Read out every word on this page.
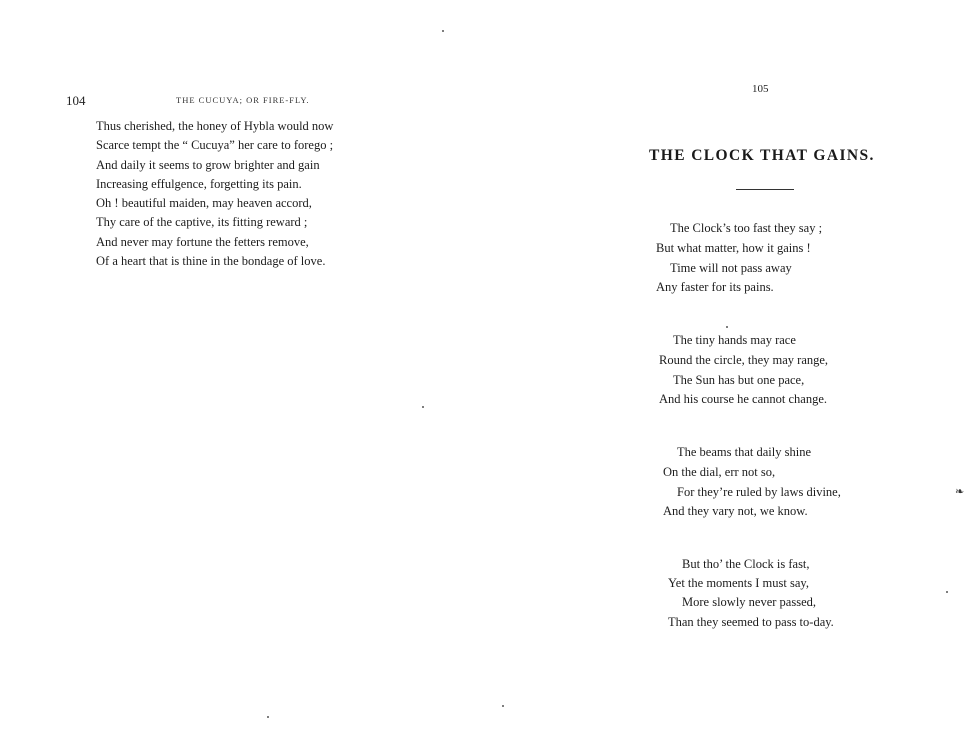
104	THE CUCUYA; OR FIRE-FLY.
Thus cherished, the honey of Hybla would now
Scarce tempt the “ Cucuya” her care to forego ;
And daily it seems to grow brighter and gain
Increasing effulgence, forgetting its pain.
Oh ! beautiful maiden, may heaven accord,
Thy care of the captive, its fitting reward ;
And never may fortune the fetters remove,
Of a heart that is thine in the bondage of love.
105
THE CLOCK THAT GAINS.
The Clock’s too fast they say ;
But what matter, how it gains !
Time will not pass away
Any faster for its pains.
The tiny hands may race
Round the circle, they may range,
The Sun has but one pace,
And his course he cannot change.
The beams that daily shine
On the dial, err not so,
For they’re ruled by laws divine,
And they vary not, we know.
But tho’ the Clock is fast,
Yet the moments I must say,
More slowly never passed,
Than they seemed to pass to-day.
❧
